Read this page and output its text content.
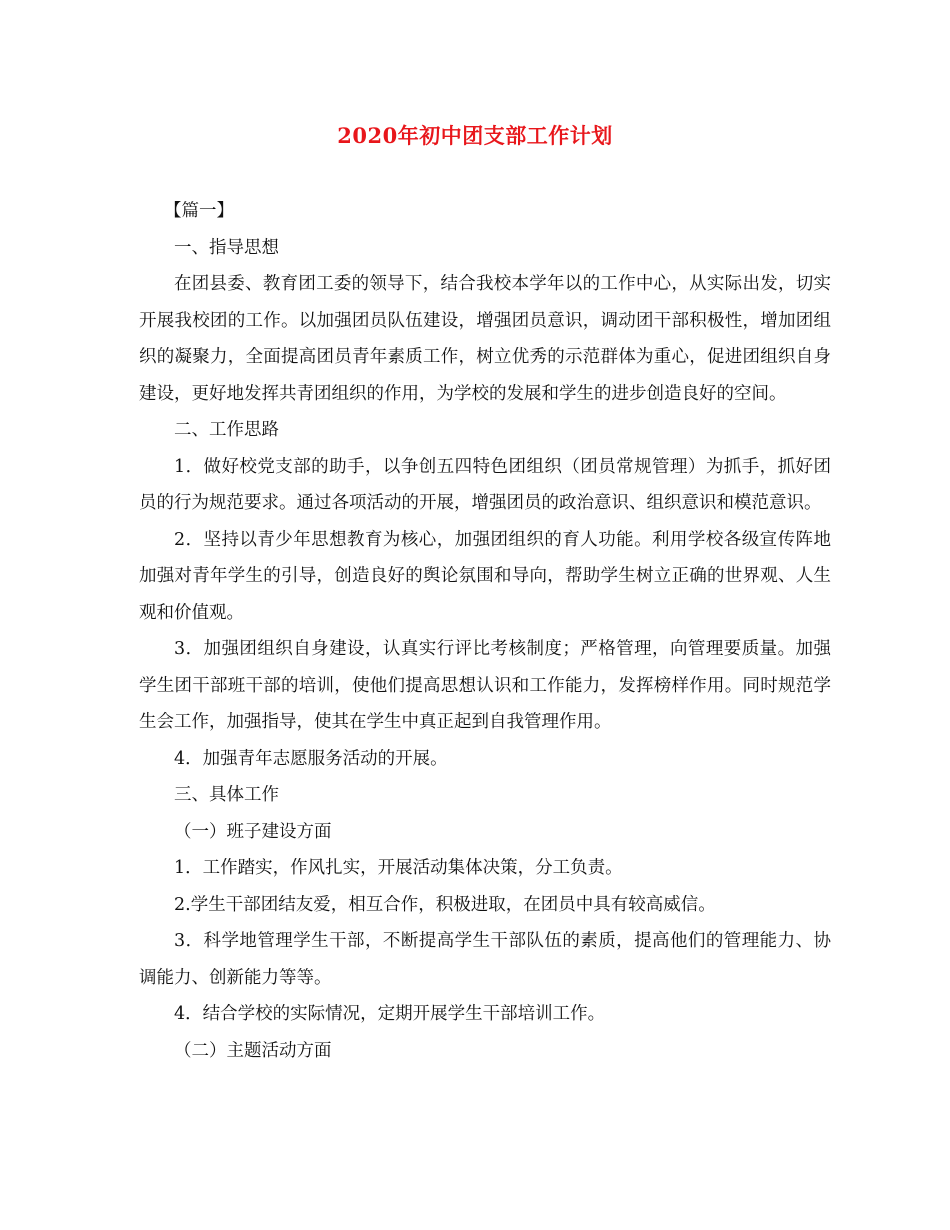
2020年初中团支部工作计划

【篇一】

一、指导思想

在团县委、教育团工委的领导下，结合我校本学年以的工作中心，从实际出发，切实开展我校团的工作。以加强团员队伍建设，增强团员意识，调动团干部积极性，增加团组织的凝聚力，全面提高团员青年素质工作，树立优秀的示范群体为重心，促进团组织自身建设，更好地发挥共青团组织的作用，为学校的发展和学生的进步创造良好的空间。

二、工作思路

1．做好校党支部的助手，以争创五四特色团组织（团员常规管理）为抓手，抓好团员的行为规范要求。通过各项活动的开展，增强团员的政治意识、组织意识和模范意识。

2．坚持以青少年思想教育为核心，加强团组织的育人功能。利用学校各级宣传阵地加强对青年学生的引导，创造良好的舆论氛围和导向，帮助学生树立正确的世界观、人生观和价值观。

3．加强团组织自身建设，认真实行评比考核制度；严格管理，向管理要质量。加强学生团干部班干部的培训，使他们提高思想认识和工作能力，发挥榜样作用。同时规范学生会工作，加强指导，使其在学生中真正起到自我管理作用。

4．加强青年志愿服务活动的开展。

三、具体工作

（一）班子建设方面

1．工作踏实，作风扎实，开展活动集体决策，分工负责。

2.学生干部团结友爱，相互合作，积极进取，在团员中具有较高威信。

3．科学地管理学生干部，不断提高学生干部队伍的素质，提高他们的管理能力、协调能力、创新能力等等。

4．结合学校的实际情况，定期开展学生干部培训工作。

（二）主题活动方面
